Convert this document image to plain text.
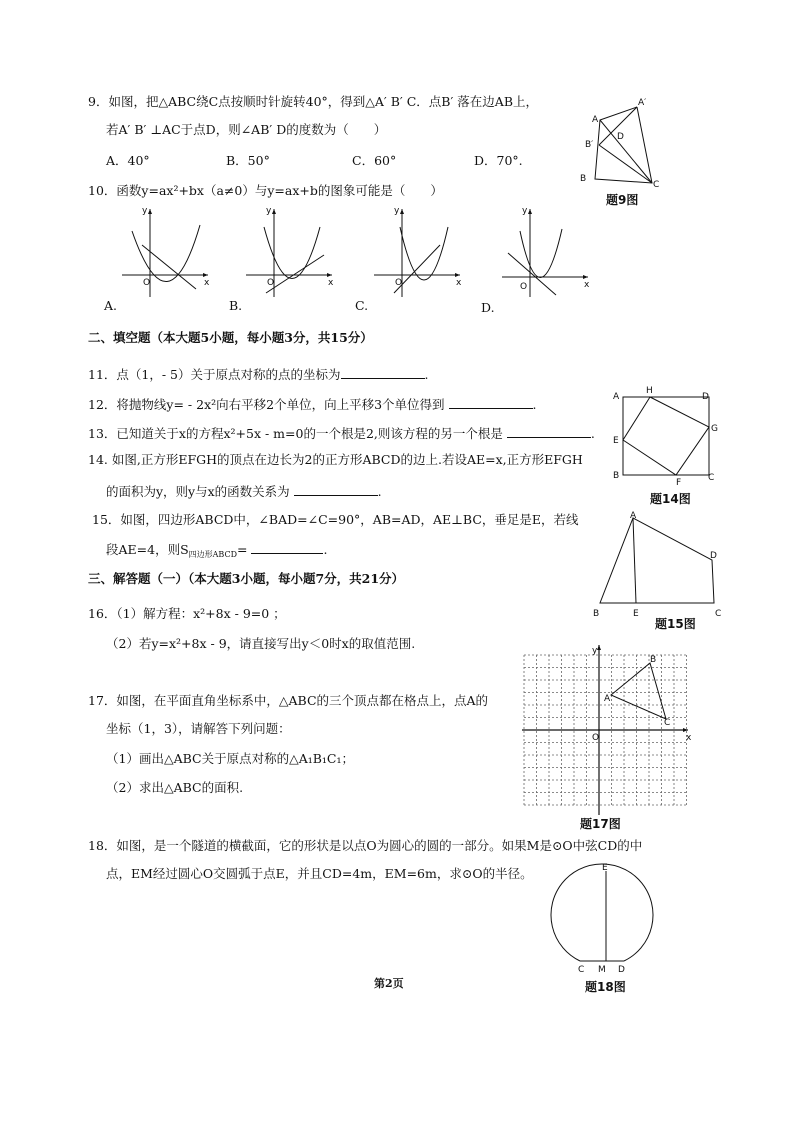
9．如图，把△ABC绕C点按顺时针旋转40°，得到△A′ B′ C．点B′ 落在边AB上，
若A′ B′ ⊥AC于点D，则∠AB′ D的度数为（　　）
A．40°	B．50°	C．60°	D．70°.
A′
A
D
B′
B
C
题9图
10．函数y=ax²+bx（a≠0）与y=ax+b的图象可能是（　　）
y
O	x
A.
y
O	x
B.
y
O	x
C.
y
O	x
D.
二、填空题（本大题5小题，每小题3分，共15分）
11．点（1，- 5）关于原点对称的点的坐标为	.
12．将抛物线y= - 2x²向右平移2个单位，向上平移3个单位得到	.
13．已知道关于x的方程x²+5x - m=0的一个根是2,则该方程的另一个根是	.
14. 如图,正方形EFGH的顶点在边长为2的正方形ABCD的边上.若设AE=x,正方形EFGH
的面积为y，则y与x的函数关系为	.
A
H
D
E
G
B
F	C
题14图
15．如图，四边形ABCD中，∠BAD=∠C=90°，AB=AD，AE⊥BC，垂足是E，若线
段AE=4，则$S_{四边形ABCD}=$	.
A
D
B	E	C
题15图
三、解答题（一）（本大题3小题，每小题7分，共21分）
16．（1）解方程：x²+8x - 9=0 ；
（2）若y=x²+8x - 9，请直接写出y＜0时x的取值范围.
17．如图，在平面直角坐标系中，△ABC的三个顶点都在格点上，点A的
坐标（1，3），请解答下列问题：
（1）画出△ABC关于原点对称的△A₁B₁C₁；
（2）求出△ABC的面积.
y
x
O
A
B
C
题17图
18．如图，是一个隧道的横截面，它的形状是以点O为圆心的圆的一部分。如果M是⊙O中弦CD的中
点，EM经过圆心O交圆弧于点E，并且CD=4m，EM=6m，求⊙O的半径。	E
C M D
题18图
第2页
